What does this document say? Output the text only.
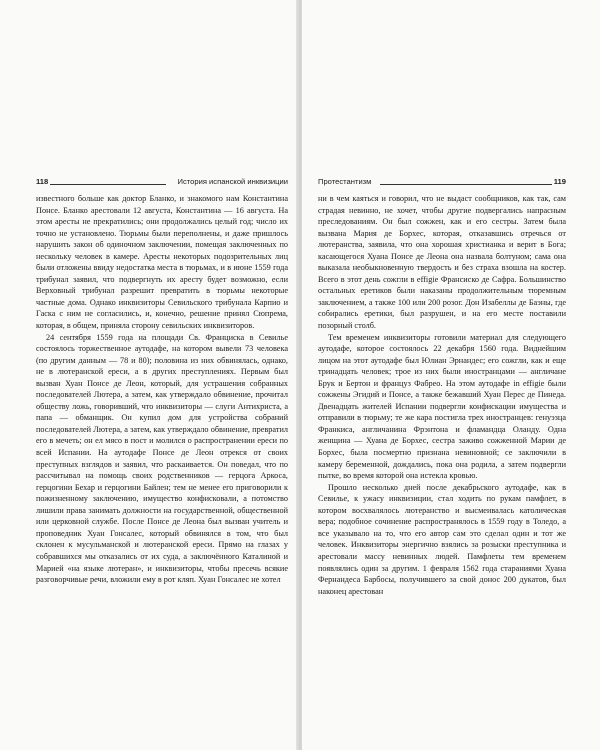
118	История испанской инквизиции

известного больше как доктор Бланко, и знакомого нам Константина Понсе. Бланко арестовали 12 августа, Константина — 16 августа. На этом аресты не прекратились; они продолжались целый год; число их точно не установлено. Тюрьмы были переполнены, и даже пришлось нарушить закон об одиночном заключении, помещая заключенных по нескольку человек в камере. Аресты некоторых подозрительных лиц были отложены ввиду недостатка места в тюрьмах, и в июне 1559 года трибунал заявил, что подвергнуть их аресту будет возможно, если Верховный трибунал разрешит превратить в тюрьмы некоторые частные дома. Однако инквизиторы Севильского трибунала Карпио и Гаска с ним не согласились, и, конечно, решение принял Сюпрема, которая, в общем, приняла сторону севильских инквизиторов.

24 сентября 1559 года на площади Св. Франциска в Севилье состоялось торжественное аутодафе, на котором вывели 73 человека (по другим данным — 78 и 80); половина из них обвинялась, однако, не в лютеранской ереси, а в других преступлениях. Первым был вызван Хуан Понсе де Леон, который, для устрашения собранных последователей Лютера, а затем, как утверждало обвинение, прочитал обществу ложь, говоривший, что инквизиторы — слуги Антихриста, а папа — обманщик. Он купил дом для устройства собраний последователей Лютера, а затем, как утверждало обвинение, превратил его в мечеть; он ел мясо в пост и молился о распространении ереси по всей Испании. На аутодафе Понсе де Леон отрекся от своих преступных взглядов и заявил, что раскаивается. Он поведал, что по рассчитывал на помощь своих родственников — герцога Аркоса, герцогини Бехар и герцогини Байлен; тем не менее его приговорили к пожизненному заключению, имущество конфисковали, а потомство лишили права занимать должности на государственной, общественной или церковной службе. После Понсе де Леона был вызван учитель и проповедник Хуан Гонсалес, который обвинялся в том, что был склонен к мусульманской и лютеранской ереси. Прямо на глазах у собравшихся мы отказались от их суда, а заключённого Каталиной и Марией «на языке лютеран», и инквизиторы, чтобы пресечь всякие разговорчивые речи, вложили ему в рот кляп. Хуан Гонсалес не хотел

Протестантизм	119

ни в чем каяться и говорил, что не выдаст сообщников, как так, сам страдая невинно, не хочет, чтобы другие подвергались напрасным преследованиям. Он был сожжен, как и его сестры. Затем была вызвана Мария де Борхес, которая, отказавшись отречься от лютеранства, заявила, что она хорошая христианка и верит в Бога; касающегося Хуана Понсе де Леона она назвала болтуном; сама она выказала необыкновенную твердость и без страха взошла на костер. Всего в этот день сожгли в effigie Франсиско де Сафра. Большинство остальных еретиков были наказаны продолжительным тюремным заключением, а также 100 или 200 розог. Дон Изабеллы де Баэны, где собирались еретики, был разрушен, и на его месте поставили позорный столб.

Тем временем инквизиторы готовили материал для следующего аутодафе, которое состоялось 22 декабря 1560 года. Виднейшим лицом на этот аутодафе был Юлиан Эрнандес; его сожгли, как и еще тринадцать человек; трое из них были иностранцами — англичане Брук и Бертон и француз Фабрео. На этом аутодафе in effigie были сожжены Эгидий и Понсе, а также бежавший Хуан Перес де Пинеда. Двенадцать жителей Испании подвергли конфискации имущества и отправили в тюрьму; те же кара постигла трех иностранцев: генуэзца Франкиса, англичанина Фрэнтона и фламандца Оланду. Одна женщина — Хуана де Борхес, сестра заживо сожженной Марии де Борхес, была посмертно признана невиновной; се заключили в камеру беременной, дождались, пока она родила, а затем подвергли пытке, во время которой она истекла кровью.

Прошло несколько дней после декабрьского аутодафе, как в Севилье, к ужасу инквизиции, стал ходить по рукам памфлет, в котором восхвалялось лютеранство и высмеивалась католическая вера; подобное сочинение распространялось в 1559 году в Толедо, а все указывало на то, что его автор сам это сделал один и тот же человек. Инквизиторы энергично взялись за розыски преступника и арестовали массу невинных людей. Памфлеты тем временем появлялись один за другим. 1 февраля 1562 года стараниями Хуана Фернандеса Барбосы, получившего за свой донос 200 дукатов, был наконец арестован
